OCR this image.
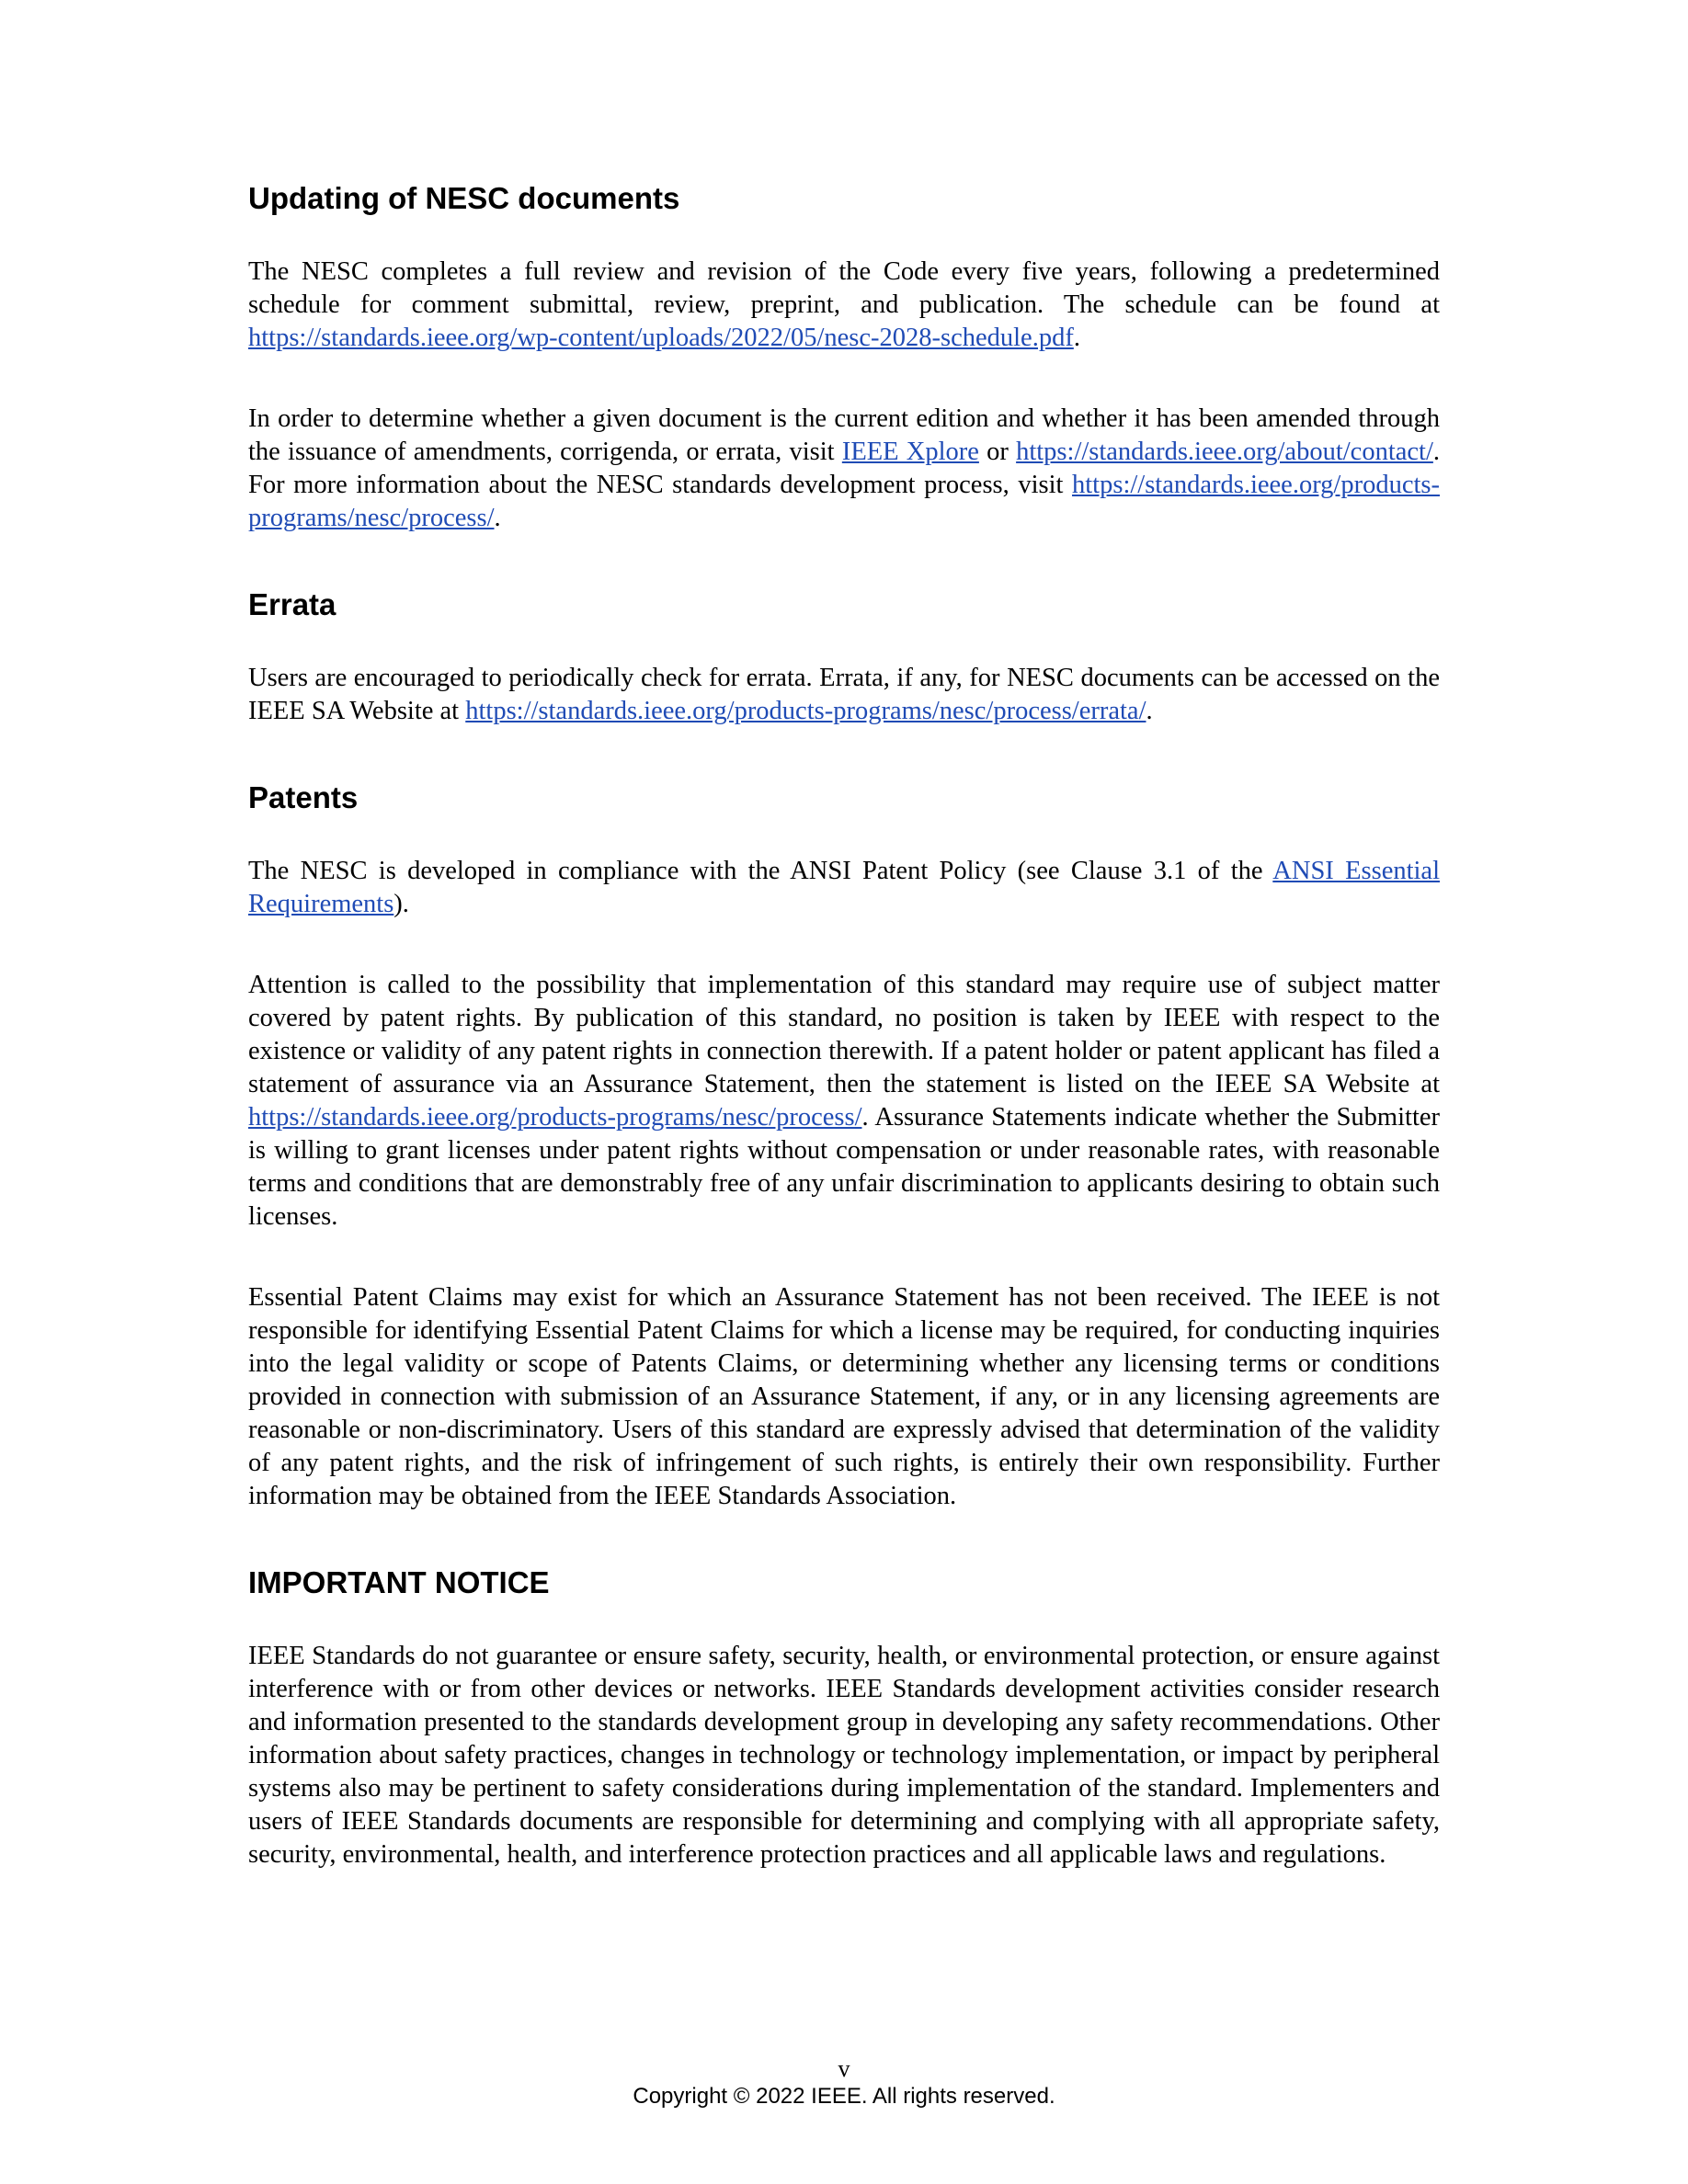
Updating of NESC documents

The NESC completes a full review and revision of the Code every five years, following a predetermined schedule for comment submittal, review, preprint, and publication. The schedule can be found at https://standards.ieee.org/wp-content/uploads/2022/05/nesc-2028-schedule.pdf.

In order to determine whether a given document is the current edition and whether it has been amended through the issuance of amendments, corrigenda, or errata, visit IEEE Xplore or https://standards.ieee.org/about/contact/. For more information about the NESC standards development process, visit https://standards.ieee.org/products-programs/nesc/process/.

Errata

Users are encouraged to periodically check for errata. Errata, if any, for NESC documents can be accessed on the IEEE SA Website at https://standards.ieee.org/products-programs/nesc/process/errata/.

Patents

The NESC is developed in compliance with the ANSI Patent Policy (see Clause 3.1 of the ANSI Essential Requirements).

Attention is called to the possibility that implementation of this standard may require use of subject matter covered by patent rights. By publication of this standard, no position is taken by IEEE with respect to the existence or validity of any patent rights in connection therewith. If a patent holder or patent applicant has filed a statement of assurance via an Assurance Statement, then the statement is listed on the IEEE SA Website at https://standards.ieee.org/products-programs/nesc/process/. Assurance Statements indicate whether the Submitter is willing to grant licenses under patent rights without compensation or under reasonable rates, with reasonable terms and conditions that are demonstrably free of any unfair discrimination to applicants desiring to obtain such licenses.

Essential Patent Claims may exist for which an Assurance Statement has not been received. The IEEE is not responsible for identifying Essential Patent Claims for which a license may be required, for conducting inquiries into the legal validity or scope of Patents Claims, or determining whether any licensing terms or conditions provided in connection with submission of an Assurance Statement, if any, or in any licensing agreements are reasonable or non-discriminatory. Users of this standard are expressly advised that determination of the validity of any patent rights, and the risk of infringement of such rights, is entirely their own responsibility. Further information may be obtained from the IEEE Standards Association.

IMPORTANT NOTICE

IEEE Standards do not guarantee or ensure safety, security, health, or environmental protection, or ensure against interference with or from other devices or networks. IEEE Standards development activities consider research and information presented to the standards development group in developing any safety recommendations. Other information about safety practices, changes in technology or technology implementation, or impact by peripheral systems also may be pertinent to safety considerations during implementation of the standard. Implementers and users of IEEE Standards documents are responsible for determining and complying with all appropriate safety, security, environmental, health, and interference protection practices and all applicable laws and regulations.

v
Copyright © 2022 IEEE. All rights reserved.
